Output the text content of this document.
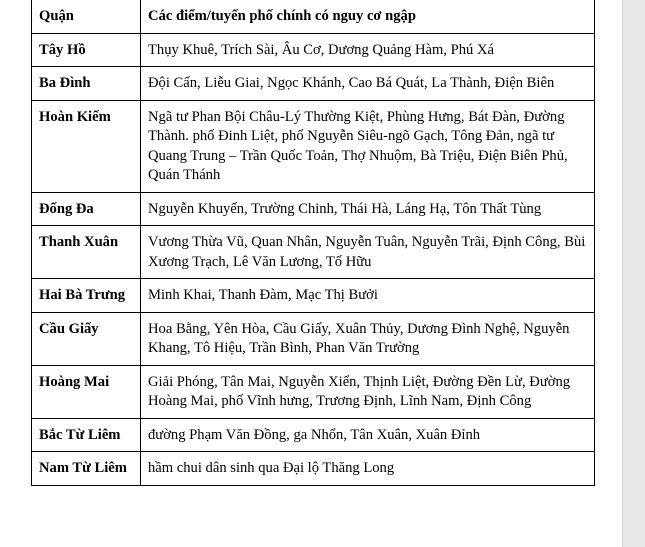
Quận	Các điểm/tuyến phố chính có nguy cơ ngập
Tây Hồ	Thụy Khuê, Trích Sài, Âu Cơ, Dương Quảng Hàm, Phú Xá
Ba Đình	Đội Cấn, Liễu Giai, Ngọc Khánh, Cao Bá Quát, La Thành, Điện Biên
Hoàn Kiếm	Ngã tư Phan Bội Châu-Lý Thường Kiệt, Phùng Hưng, Bát Đàn, Đường Thành. phố Đinh Liệt, phố Nguyễn Siêu-ngõ Gạch, Tông Đản, ngã tư Quang Trung – Trần Quốc Toản, Thợ Nhuộm, Bà Triệu, Điện Biên Phủ, Quán Thánh
Đống Đa	Nguyễn Khuyến, Trường Chinh, Thái Hà, Láng Hạ, Tôn Thất Tùng
Thanh Xuân	Vương Thừa Vũ, Quan Nhân, Nguyễn Tuân, Nguyễn Trãi, Định Công, Bùi Xương Trạch, Lê Văn Lương, Tố Hữu
Hai Bà Trưng	Minh Khai, Thanh Đàm, Mạc Thị Bưởi
Cầu Giấy	Hoa Bằng, Yên Hòa, Cầu Giấy, Xuân Thủy, Dương Đình Nghệ, Nguyễn Khang, Tô Hiệu, Trần Bình, Phan Văn Trường
Hoàng Mai	Giải Phóng, Tân Mai, Nguyễn Xiển, Thịnh Liệt, Đường Đền Lừ, Đường Hoàng Mai, phố Vĩnh hưng, Trương Định, Lĩnh Nam, Định Công
Bắc Từ Liêm	đường Phạm Văn Đồng, ga Nhổn, Tân Xuân, Xuân Đỉnh
Nam Từ Liêm	hầm chui dân sinh qua Đại lộ Thăng Long
